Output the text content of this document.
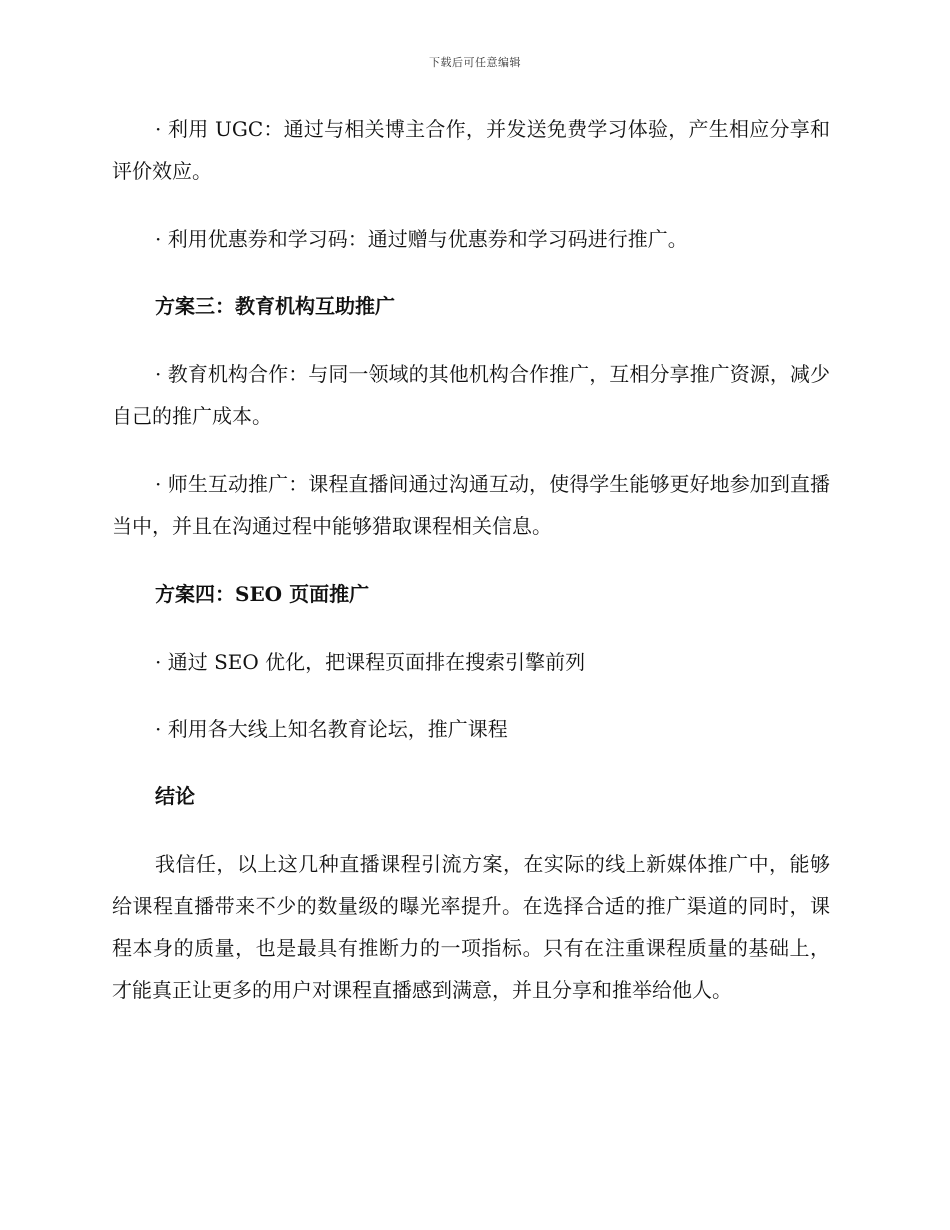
下载后可任意编辑

· 利用 UGC：通过与相关博主合作，并发送免费学习体验，产生相应分享和评价效应。

· 利用优惠券和学习码：通过赠与优惠券和学习码进行推广。

方案三：教育机构互助推广

· 教育机构合作：与同一领域的其他机构合作推广，互相分享推广资源，减少自己的推广成本。

· 师生互动推广：课程直播间通过沟通互动，使得学生能够更好地参加到直播当中，并且在沟通过程中能够猎取课程相关信息。

方案四：SEO 页面推广

· 通过 SEO 优化，把课程页面排在搜索引擎前列

· 利用各大线上知名教育论坛，推广课程

结论

我信任，以上这几种直播课程引流方案，在实际的线上新媒体推广中，能够给课程直播带来不少的数量级的曝光率提升。在选择合适的推广渠道的同时，课程本身的质量，也是最具有推断力的一项指标。只有在注重课程质量的基础上，才能真正让更多的用户对课程直播感到满意，并且分享和推举给他人。
